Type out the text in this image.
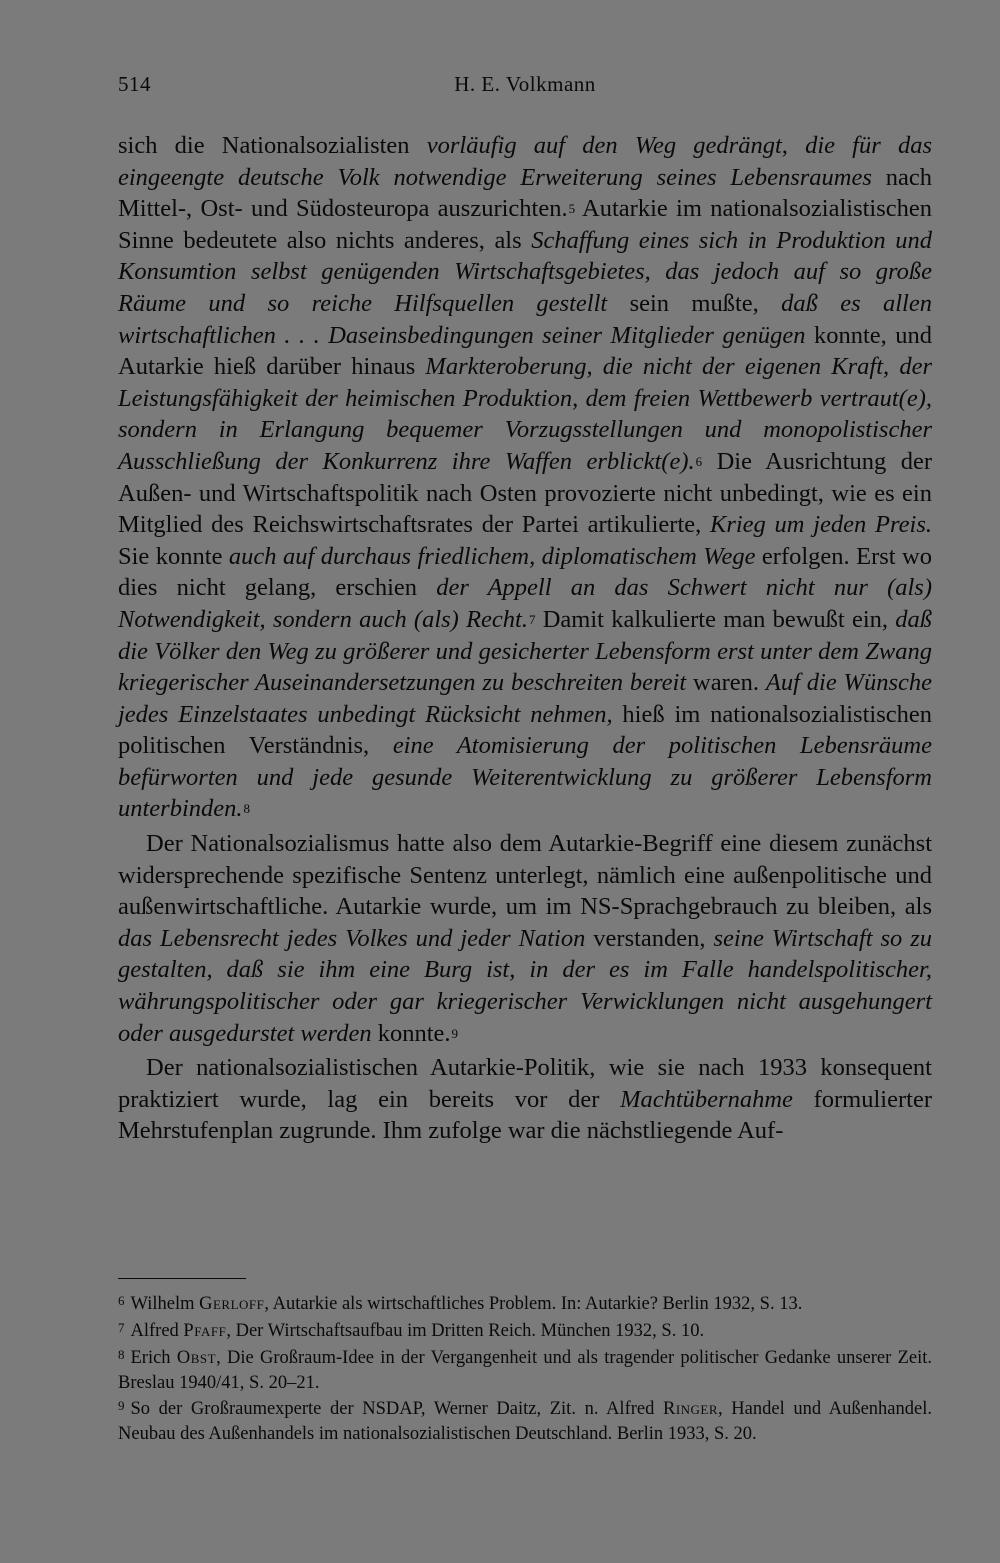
514	H. E. Volkmann

sich die Nationalsozialisten vorläufig auf den Weg gedrängt, die für das eingeengte deutsche Volk notwendige Erweiterung seines Lebensraumes nach Mittel-, Ost- und Südosteuropa auszurichten.$^5$ Autarkie im nationalsozialistischen Sinne bedeutete also nichts anderes, als Schaffung eines sich in Produktion und Konsumtion selbst genügenden Wirtschaftsgebietes, das jedoch auf so große Räume und so reiche Hilfsquellen gestellt sein mußte, daß es allen wirtschaftlichen . . . Daseinsbedingungen seiner Mitglieder genügen konnte, und Autarkie hieß darüber hinaus Markteroberung, die nicht der eigenen Kraft, der Leistungsfähigkeit der heimischen Produktion, dem freien Wettbewerb vertraut(e), sondern in Erlangung bequemer Vorzugsstellungen und monopolistischer Ausschließung der Konkurrenz ihre Waffen erblickt(e).$^6$ Die Ausrichtung der Außen- und Wirtschaftspolitik nach Osten provozierte nicht unbedingt, wie es ein Mitglied des Reichswirtschaftsrates der Partei artikulierte, Krieg um jeden Preis. Sie konnte auch auf durchaus friedlichem, diplomatischem Wege erfolgen. Erst wo dies nicht gelang, erschien der Appell an das Schwert nicht nur (als) Notwendigkeit, sondern auch (als) Recht.$^7$ Damit kalkulierte man bewußt ein, daß die Völker den Weg zu größerer und gesicherter Lebensform erst unter dem Zwang kriegerischer Auseinandersetzungen zu beschreiten bereit waren. Auf die Wünsche jedes Einzelstaates unbedingt Rücksicht nehmen, hieß im nationalsozialistischen politischen Verständnis, eine Atomisierung der politischen Lebensräume befürworten und jede gesunde Weiterentwicklung zu größerer Lebensform unterbinden.$^8$

Der Nationalsozialismus hatte also dem Autarkie-Begriff eine diesem zunächst widersprechende spezifische Sentenz unterlegt, nämlich eine außenpolitische und außenwirtschaftliche. Autarkie wurde, um im NS-Sprachgebrauch zu bleiben, als das Lebensrecht jedes Volkes und jeder Nation verstanden, seine Wirtschaft so zu gestalten, daß sie ihm eine Burg ist, in der es im Falle handelspolitischer, währungspolitischer oder gar kriegerischer Verwicklungen nicht ausgehungert oder ausgedurstet werden konnte.$^9$

Der nationalsozialistischen Autarkie-Politik, wie sie nach 1933 konsequent praktiziert wurde, lag ein bereits vor der Machtübernahme formulierter Mehrstufenplan zugrunde. Ihm zufolge war die nächstliegende Auf-

$^6$ Wilhelm Gerloff, Autarkie als wirtschaftliches Problem. In: Autarkie? Berlin 1932, S. 13.

$^7$ Alfred Pfaff, Der Wirtschaftsaufbau im Dritten Reich. München 1932, S. 10.

$^8$ Erich Obst, Die Großraum-Idee in der Vergangenheit und als tragender politischer Gedanke unserer Zeit. Breslau 1940/41, S. 20–21.

$^9$ So der Großraumexperte der NSDAP, Werner Daitz, Zit. n. Alfred Ringer, Handel und Außenhandel. Neubau des Außenhandels im nationalsozialistischen Deutschland. Berlin 1933, S. 20.
